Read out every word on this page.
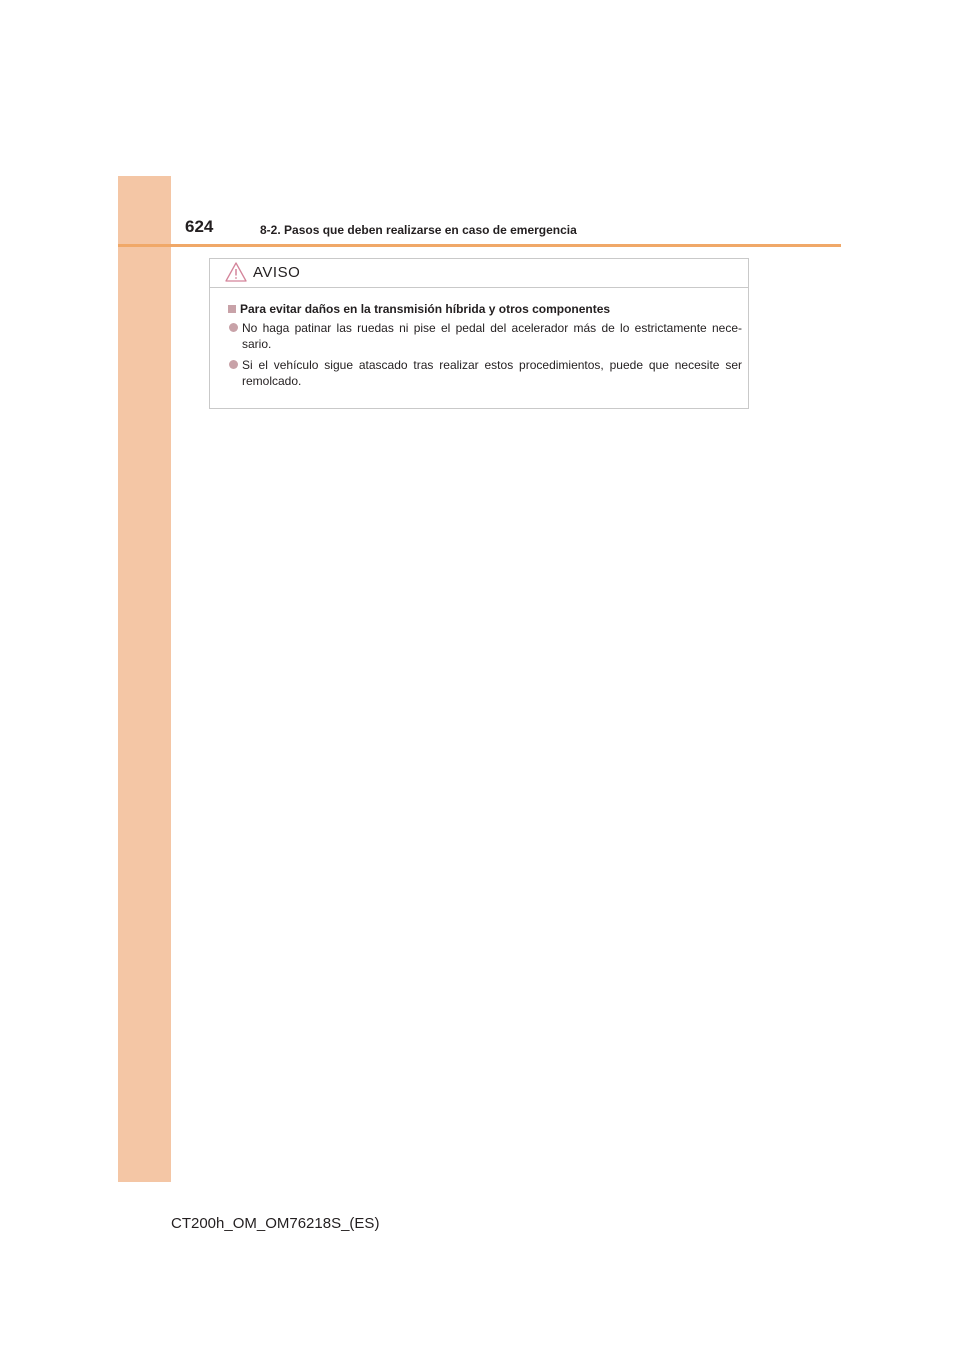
624	8-2. Pasos que deben realizarse en caso de emergencia
AVISO
Para evitar daños en la transmisión híbrida y otros componentes
No haga patinar las ruedas ni pise el pedal del acelerador más de lo estrictamente nece-sario.
Si el vehículo sigue atascado tras realizar estos procedimientos, puede que necesite ser remolcado.
CT200h_OM_OM76218S_(ES)
